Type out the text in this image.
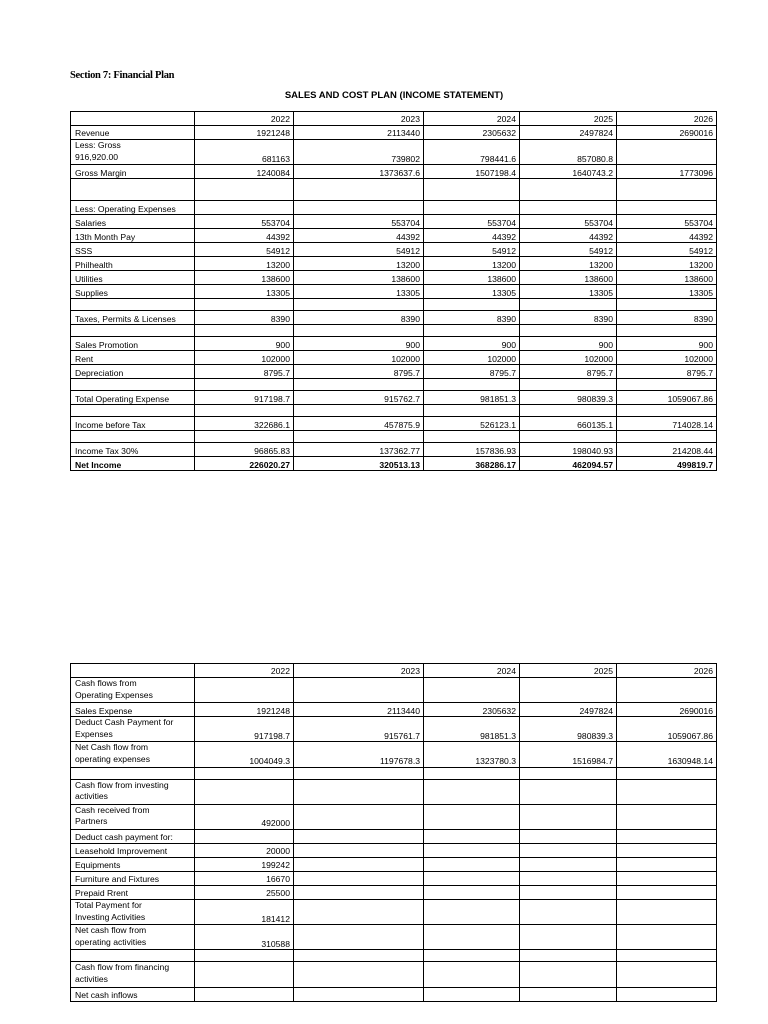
Section 7: Financial Plan
SALES AND COST PLAN (INCOME STATEMENT)
	2022	2023	2024	2025	2026
Revenue	1921248	2113440	2305632	2497824	2690016

Less: Gross
916,920.00	681163	739802	798441.6	857080.8	
Gross Margin	1240084	1373637.6	1507198.4	1640743.2	1773096

Less: Operating Expenses					
Salaries	553704	553704	553704	553704	553704
13th Month Pay	44392	44392	44392	44392	44392
SSS	54912	54912	54912	54912	54912
Philhealth	13200	13200	13200	13200	13200
Utilities	138600	138600	138600	138600	138600
Supplies	13305	13305	13305	13305	13305

Taxes, Permits & Licenses	8390	8390	8390	8390	8390

Sales Promotion	900	900	900	900	900
Rent	102000	102000	102000	102000	102000
Depreciation	8795.7	8795.7	8795.7	8795.7	8795.7

Total Operating Expense	917198.7	915762.7	981851.3	980839.3	1059067.86

Income before Tax	322686.1	457875.9	526123.1	660135.1	714028.14

Income Tax 30%	96865.83	137362.77	157836.93	198040.93	214208.44
Net Income	226020.27	320513.13	368286.17	462094.57	499819.7
	2022	2023	2024	2025	2026

Cash flows from
Operating Expenses					

Sales Expense	1921248	2113440	2305632	2497824	2690016

Deduct Cash Payment for
Expenses	917198.7	915761.7	981851.3	980839.3	1059067.86

Net Cash flow from
operating expenses	1004049.3	1197678.3	1323780.3	1516984.7	1630948.14

Cash flow from investing
activities					

Cash received from
Partners	492000				
Deduct cash payment for:					
Leasehold Improvement	20000				
Equipments	199242				
Furniture and Fixtures	16670				
Prepaid Rrent	25500				

Total Payment for
Investing Activities	181412				

Net cash flow from
operating activities	310588				

Cash flow from financing
activities					

Net cash inflows					
